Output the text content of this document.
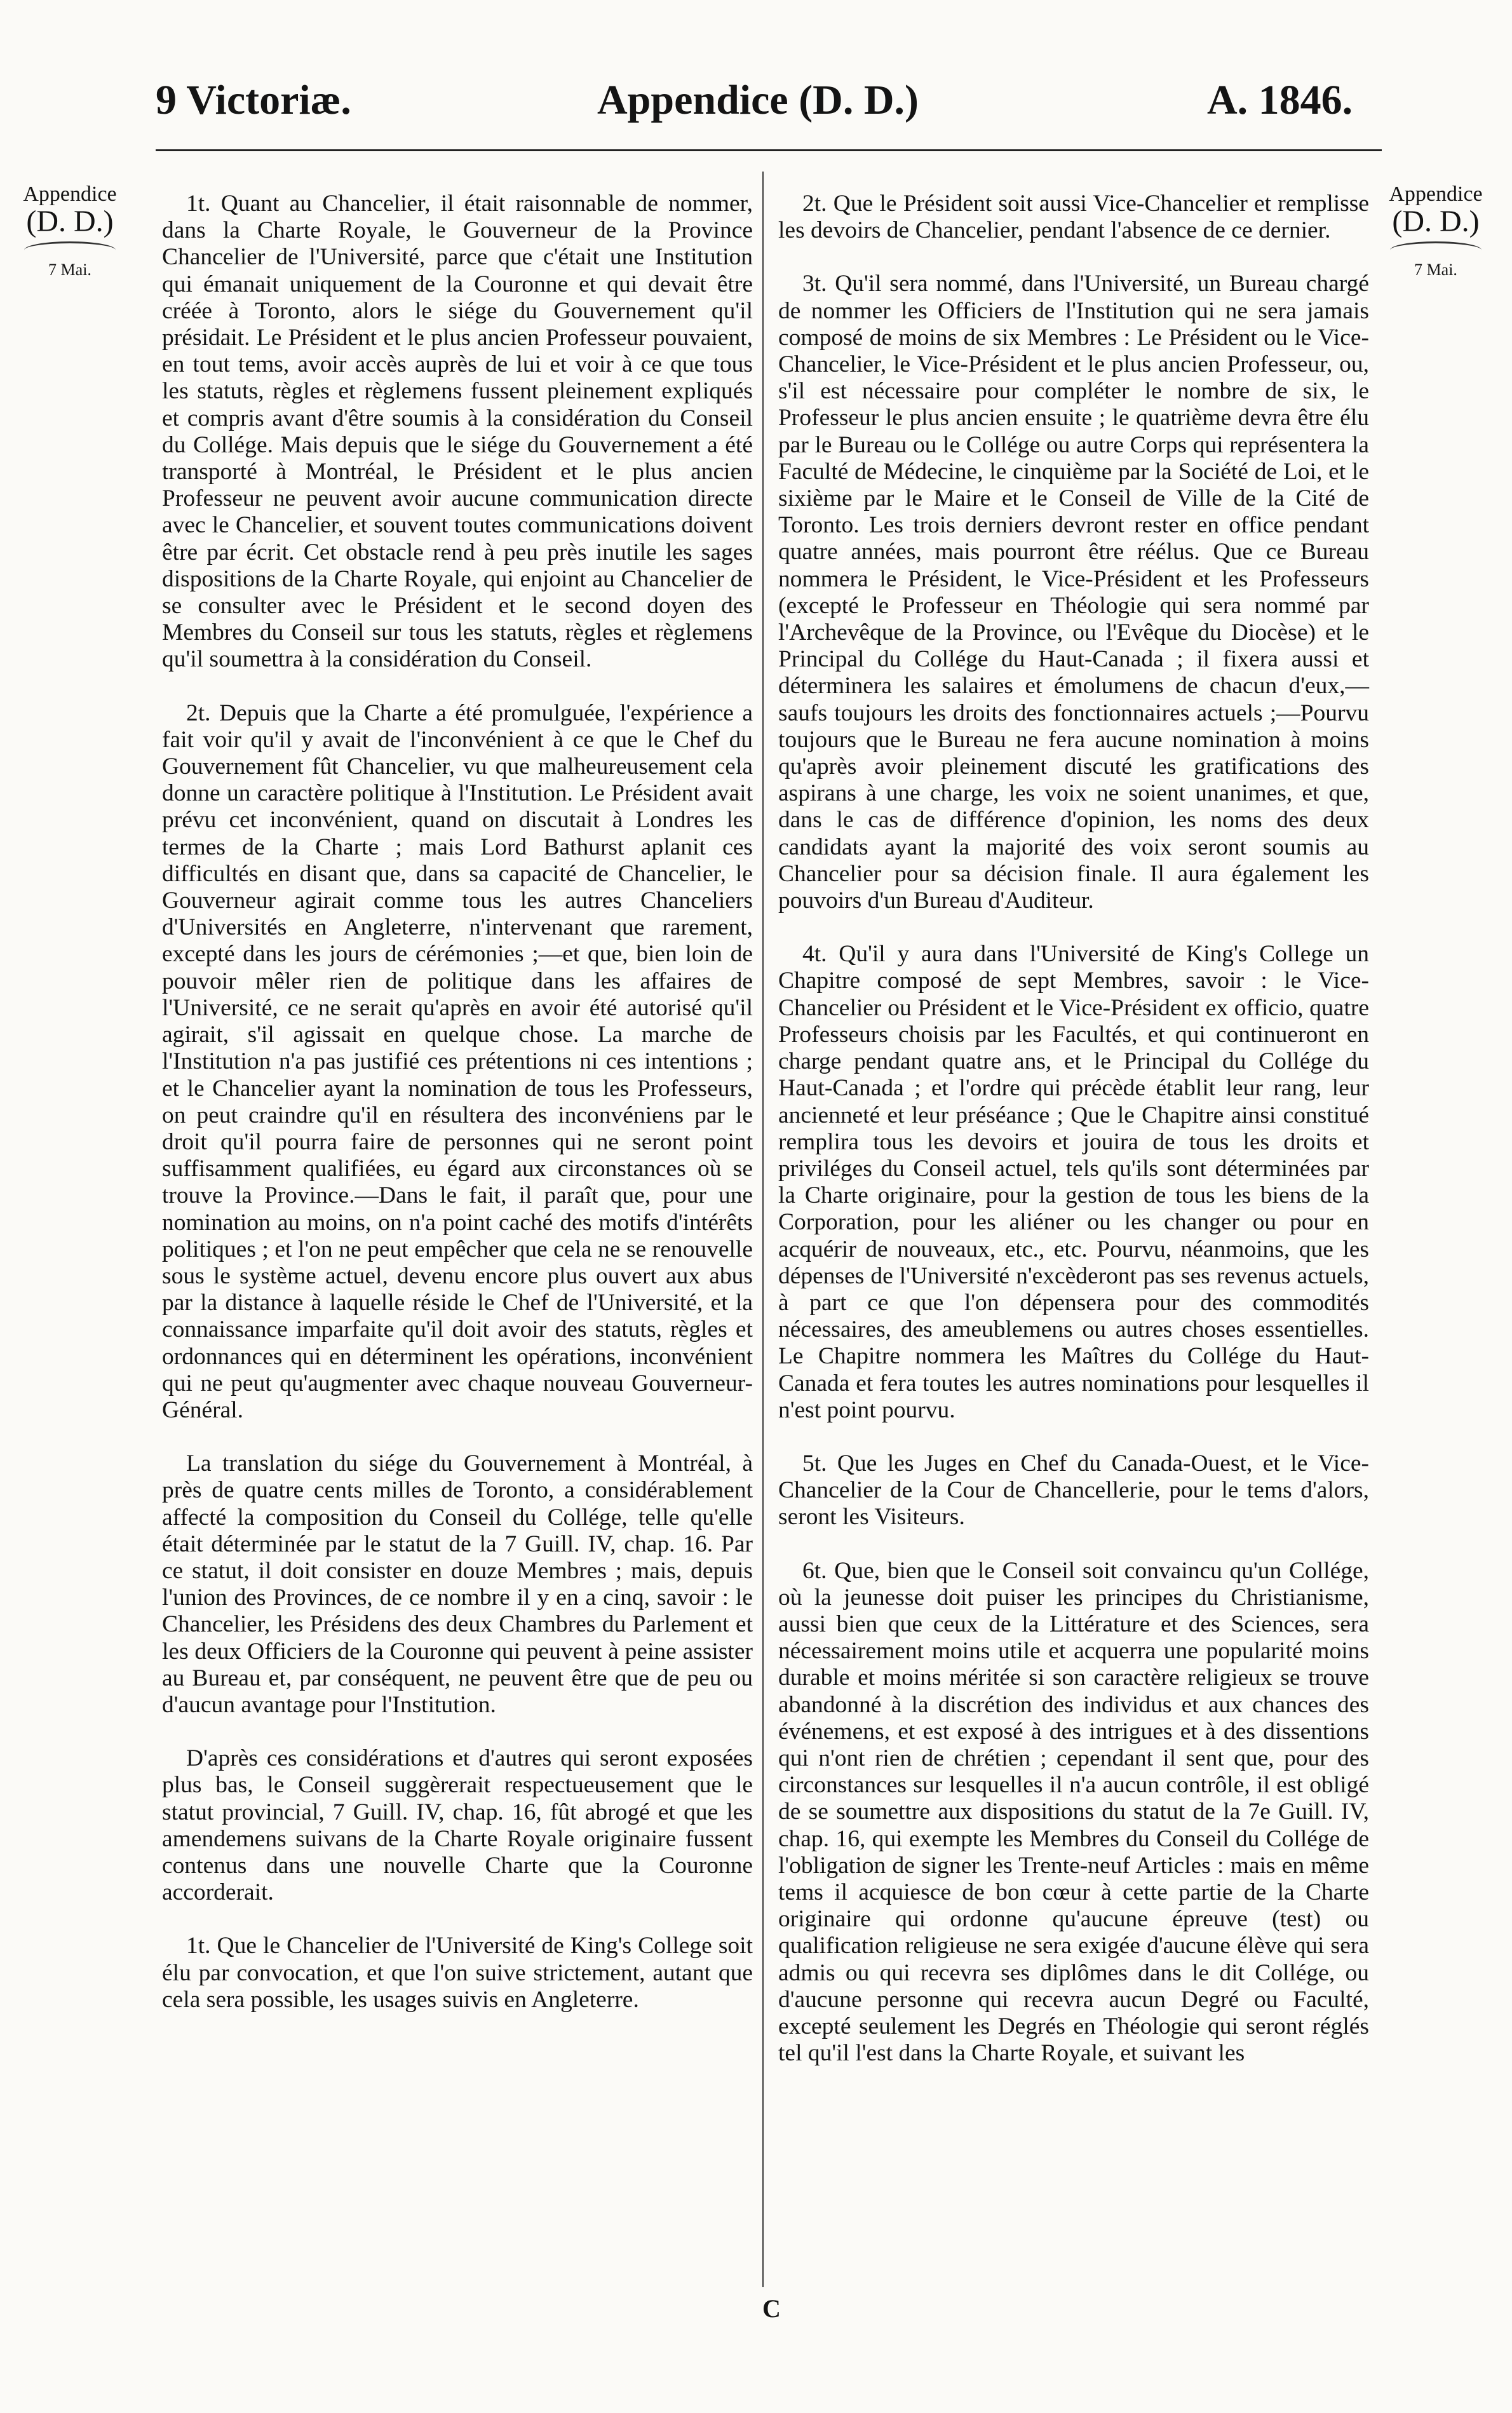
9 Victoriæ.	Appendice (D. D.)	A. 1846.
Appendice
(D. D.)
7 Mai.
Appendice
(D. D.)
7 Mai.

1t. Quant au Chancelier, il était raisonnable de nommer, dans la Charte Royale, le Gouverneur de la Province Chancelier de l'Université, parce que c'était une Institution qui émanait uniquement de la Couronne et qui devait être créée à Toronto, alors le siége du Gouvernement qu'il présidait. Le Président et le plus ancien Professeur pouvaient, en tout tems, avoir accès auprès de lui et voir à ce que tous les statuts, règles et règlemens fussent pleinement expliqués et compris avant d'être soumis à la considération du Conseil du Collége. Mais depuis que le siége du Gouvernement a été transporté à Montréal, le Président et le plus ancien Professeur ne peuvent avoir aucune communication directe avec le Chancelier, et souvent toutes communications doivent être par écrit. Cet obstacle rend à peu près inutile les sages dispositions de la Charte Royale, qui enjoint au Chancelier de se consulter avec le Président et le second doyen des Membres du Conseil sur tous les statuts, règles et règlemens qu'il soumettra à la considération du Conseil.

2t. Depuis que la Charte a été promulguée, l'expérience a fait voir qu'il y avait de l'inconvénient à ce que le Chef du Gouvernement fût Chancelier, vu que malheureusement cela donne un caractère politique à l'Institution. Le Président avait prévu cet inconvénient, quand on discutait à Londres les termes de la Charte ; mais Lord Bathurst aplanit ces difficultés en disant que, dans sa capacité de Chancelier, le Gouverneur agirait comme tous les autres Chanceliers d'Universités en Angleterre, n'intervenant que rarement, excepté dans les jours de cérémonies ;—et que, bien loin de pouvoir mêler rien de politique dans les affaires de l'Université, ce ne serait qu'après en avoir été autorisé qu'il agirait, s'il agissait en quelque chose. La marche de l'Institution n'a pas justifié ces prétentions ni ces intentions ; et le Chancelier ayant la nomination de tous les Professeurs, on peut craindre qu'il en résultera des inconvéniens par le droit qu'il pourra faire de personnes qui ne seront point suffisamment qualifiées, eu égard aux circonstances où se trouve la Province.—Dans le fait, il paraît que, pour une nomination au moins, on n'a point caché des motifs d'intérêts politiques ; et l'on ne peut empêcher que cela ne se renouvelle sous le système actuel, devenu encore plus ouvert aux abus par la distance à laquelle réside le Chef de l'Université, et la connaissance imparfaite qu'il doit avoir des statuts, règles et ordonnances qui en déterminent les opérations, inconvénient qui ne peut qu'augmenter avec chaque nouveau Gouverneur-Général.

La translation du siége du Gouvernement à Montréal, à près de quatre cents milles de Toronto, a considérablement affecté la composition du Conseil du Collége, telle qu'elle était déterminée par le statut de la 7 Guill. IV, chap. 16. Par ce statut, il doit consister en douze Membres ; mais, depuis l'union des Provinces, de ce nombre il y en a cinq, savoir : le Chancelier, les Présidens des deux Chambres du Parlement et les deux Officiers de la Couronne qui peuvent à peine assister au Bureau et, par conséquent, ne peuvent être que de peu ou d'aucun avantage pour l'Institution.

D'après ces considérations et d'autres qui seront exposées plus bas, le Conseil suggèrerait respectueusement que le statut provincial, 7 Guill. IV, chap. 16, fût abrogé et que les amendemens suivans de la Charte Royale originaire fussent contenus dans une nouvelle Charte que la Couronne accorderait.

1t. Que le Chancelier de l'Université de King's College soit élu par convocation, et que l'on suive strictement, autant que cela sera possible, les usages suivis en Angleterre.

2t. Que le Président soit aussi Vice-Chancelier et remplisse les devoirs de Chancelier, pendant l'absence de ce dernier.

3t. Qu'il sera nommé, dans l'Université, un Bureau chargé de nommer les Officiers de l'Institution qui ne sera jamais composé de moins de six Membres : Le Président ou le Vice-Chancelier, le Vice-Président et le plus ancien Professeur, ou, s'il est nécessaire pour compléter le nombre de six, le Professeur le plus ancien ensuite ; le quatrième devra être élu par le Bureau ou le Collége ou autre Corps qui représentera la Faculté de Médecine, le cinquième par la Société de Loi, et le sixième par le Maire et le Conseil de Ville de la Cité de Toronto. Les trois derniers devront rester en office pendant quatre années, mais pourront être réélus. Que ce Bureau nommera le Président, le Vice-Président et les Professeurs (excepté le Professeur en Théologie qui sera nommé par l'Archevêque de la Province, ou l'Evêque du Diocèse) et le Principal du Collége du Haut-Canada ; il fixera aussi et déterminera les salaires et émolumens de chacun d'eux,—saufs toujours les droits des fonctionnaires actuels ;—Pourvu toujours que le Bureau ne fera aucune nomination à moins qu'après avoir pleinement discuté les gratifications des aspirans à une charge, les voix ne soient unanimes, et que, dans le cas de différence d'opinion, les noms des deux candidats ayant la majorité des voix seront soumis au Chancelier pour sa décision finale. Il aura également les pouvoirs d'un Bureau d'Auditeur.

4t. Qu'il y aura dans l'Université de King's College un Chapitre composé de sept Membres, savoir : le Vice-Chancelier ou Président et le Vice-Président ex officio, quatre Professeurs choisis par les Facultés, et qui continueront en charge pendant quatre ans, et le Principal du Collége du Haut-Canada ; et l'ordre qui précède établit leur rang, leur ancienneté et leur préséance ; Que le Chapitre ainsi constitué remplira tous les devoirs et jouira de tous les droits et priviléges du Conseil actuel, tels qu'ils sont déterminées par la Charte originaire, pour la gestion de tous les biens de la Corporation, pour les aliéner ou les changer ou pour en acquérir de nouveaux, etc., etc. Pourvu, néanmoins, que les dépenses de l'Université n'excèderont pas ses revenus actuels, à part ce que l'on dépensera pour des commodités nécessaires, des ameublemens ou autres choses essentielles. Le Chapitre nommera les Maîtres du Collége du Haut-Canada et fera toutes les autres nominations pour lesquelles il n'est point pourvu.

5t. Que les Juges en Chef du Canada-Ouest, et le Vice-Chancelier de la Cour de Chancellerie, pour le tems d'alors, seront les Visiteurs.

6t. Que, bien que le Conseil soit convaincu qu'un Collége, où la jeunesse doit puiser les principes du Christianisme, aussi bien que ceux de la Littérature et des Sciences, sera nécessairement moins utile et acquerra une popularité moins durable et moins méritée si son caractère religieux se trouve abandonné à la discrétion des individus et aux chances des événemens, et est exposé à des intrigues et à des dissentions qui n'ont rien de chrétien ; cependant il sent que, pour des circonstances sur lesquelles il n'a aucun contrôle, il est obligé de se soumettre aux dispositions du statut de la 7e Guill. IV, chap. 16, qui exempte les Membres du Conseil du Collége de l'obligation de signer les Trente-neuf Articles : mais en même tems il acquiesce de bon cœur à cette partie de la Charte originaire qui ordonne qu'aucune épreuve (test) ou qualification religieuse ne sera exigée d'aucune élève qui sera admis ou qui recevra ses diplômes dans le dit Collége, ou d'aucune personne qui recevra aucun Degré ou Faculté, excepté seulement les Degrés en Théologie qui seront réglés tel qu'il l'est dans la Charte Royale, et suivant les

C
